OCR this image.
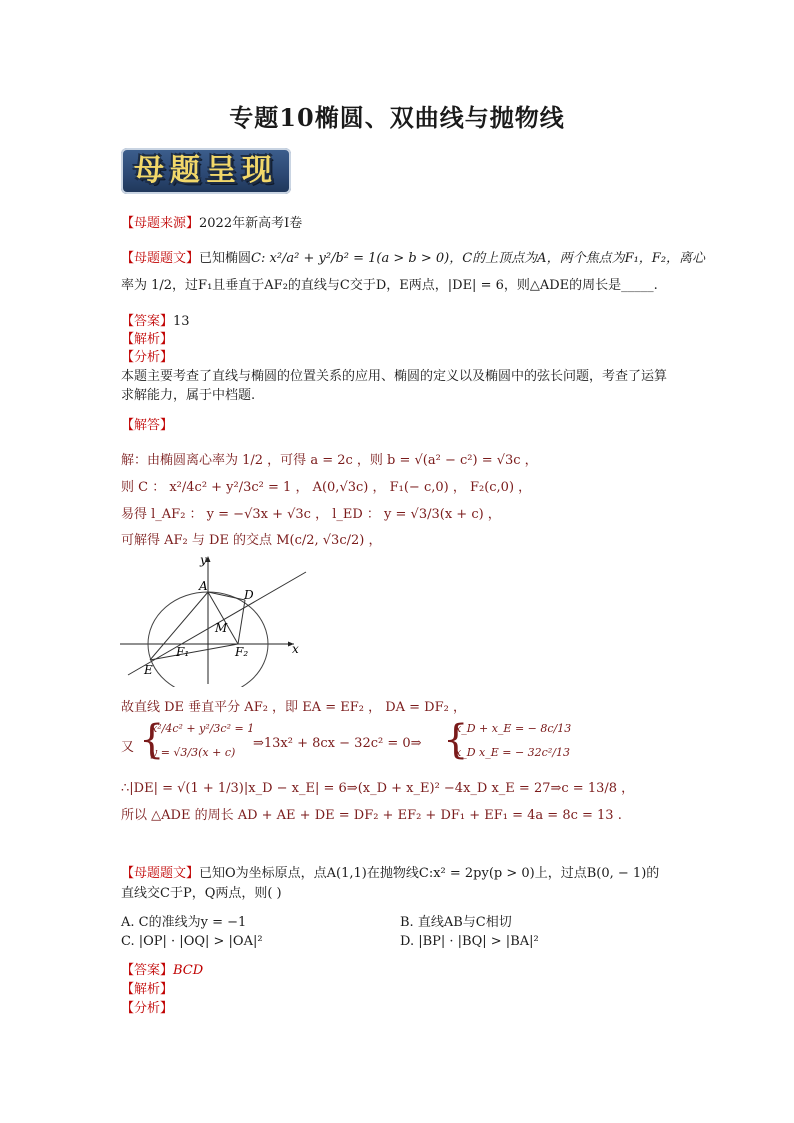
专题10椭圆、双曲线与抛物线
母题呈现
【母题来源】2022年新高考Ⅰ卷
【母题题文】已知椭圆C: x²/a² + y²/b² = 1(a > b > 0)，C的上顶点为A，两个焦点为F₁，F₂，离心
率为 1/2，过F₁且垂直于AF₂的直线与C交于D，E两点，|DE| = 6，则△ADE的周长是_____.
【答案】13
【解析】
【分析】
本题主要考查了直线与椭圆的位置关系的应用、椭圆的定义以及椭圆中的弦长问题，考查了运算求解能力，属于中档题.
【解答】
解：由椭圆离心率为 1/2 ，可得 a = 2c ，则 b = √(a² − c²) = √3c ，
则 C ： x²/4c² + y²/3c² = 1 ， A(0,√3c) ， F₁(− c,0) ， F₂(c,0) ，
易得 l_AF₂ ： y = −√3x + √3c ， l_ED ： y = √3/3(x + c) ，
可解得 AF₂ 与 DE 的交点 M(c/2, √3c/2) ，
y
x
A
D
M
E
F₁	F₂
故直线 DE 垂直平分 AF₂ ，即 EA = EF₂ ， DA = DF₂ ，
又 {
x²/4c² + y²/3c² = 1
y = √3/3(x + c)
⇒13x² + 8cx − 32c² = 0⇒ {
x_D + x_E = − 8c/13
x_D x_E = − 32c²/13
∴|DE| = √(1 + 1/3)|x_D − x_E| = 6⇒(x_D + x_E)² −4x_D x_E = 27⇒c = 13/8 ，
所以 △ADE 的周长 AD + AE + DE = DF₂ + EF₂ + DF₁ + EF₁ = 4a = 8c = 13 .
【母题题文】已知O为坐标原点，点A(1,1)在抛物线C:x² = 2py(p > 0)上，过点B(0, − 1)的
直线交C于P，Q两点，则( )
A. C的准线为y = −1	B. 直线AB与C相切
C. |OP| · |OQ| > |OA|²	D. |BP| · |BQ| > |BA|²
【答案】BCD
【解析】
【分析】
